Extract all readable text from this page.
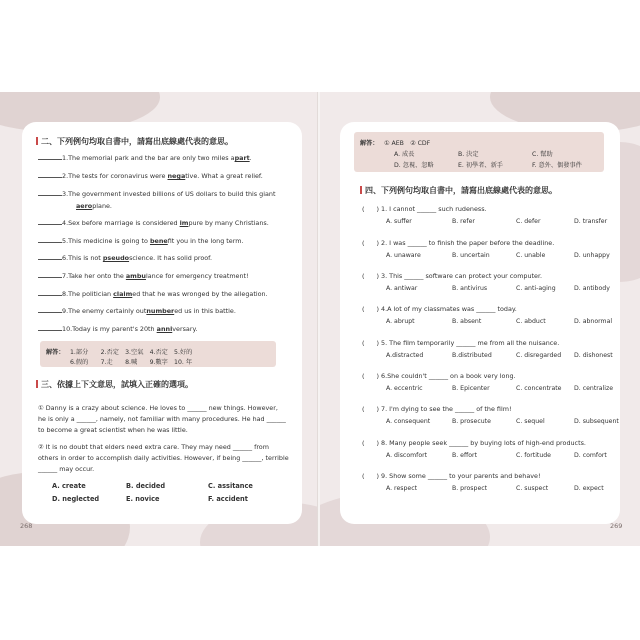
二、下列例句均取自書中，請寫出底線處代表的意思。
1.The memorial park and the bar are only two miles apart.
2.The tests for coronavirus were negative. What a great relief.
3.The government invested billions of US dollars to build this giant
aeroplane.
4.Sex before marriage is considered impure by many Christians.
5.This medicine is going to benefit you in the long term.
6.This is not pseudoscience. It has solid proof.
7.Take her onto the ambulance for emergency treatment!
8.The politician claimed that he was wronged by the allegation.
9.The enemy certainly outnumbered us in this battle.
10.Today is my parent's 20th anniversary.
解答： 1.部分　　2.否定　3.空氣　4.否定　5.好的
6.假的　　7.走　　8.喊　　9.數字　10. 年
三、依據上下文意思，試填入正確的選項。
① Danny is a crazy about science. He loves to ______ new things. However,
he is only a ______, namely, not familiar with many procedures. He had ______
to become a great scientist when he was little.
② It is no doubt that elders need extra care. They may need ______ from
others in order to accomplish daily activities. However, if being ______, terrible
______ may occur.
A. create	B. decided	C. assitance
D. neglected	E. novice	F. accident
268
解答： ① AEB　② CDF
A. 成長	B. 決定	C. 幫助
D. 忽視、忽略	E. 初學者、新手	F. 意外、偶發事件
四、下列例句均取自書中，請寫出底線處代表的意思。
( ) 1. I cannot ______ such rudeness.
A. suffer	B. refer	C. defer	D. transfer
( ) 2. I was ______ to finish the paper before the deadline.
A. unaware	B. uncertain	C. unable	D. unhappy
( ) 3. This ______ software can protect your computer.
A. antiwar	B. antivirus	C. anti-aging	D. antibody
( ) 4.A lot of my classmates was ______ today.
A. abrupt	B. absent	C. abduct	D. abnormal
( ) 5. The film temporarily ______ me from all the nuisance.
A.distracted	B.distributed	C. disregarded D. dishonest
( ) 6.She couldn't ______ on a book very long.
A. eccentric	B. Epicenter	C. concentrate D. centralize
( ) 7. I'm dying to see the ______ of the film!
A. consequent	B. prosecute	C. sequel	D. subsequent
( ) 8. Many people seek ______ by buying lots of high-end products.
A. discomfort	B. effort	C. fortitude	D. comfort
( ) 9. Show some ______ to your parents and behave!
A. respect	B. prospect	C. suspect	D. expect
269
